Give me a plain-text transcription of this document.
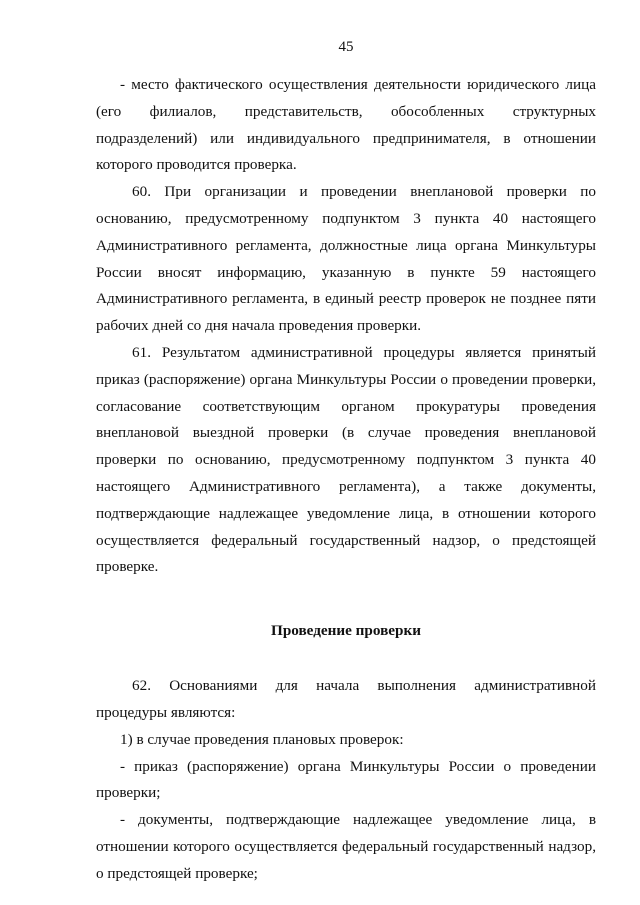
45

- место фактического осуществления деятельности юридического лица (его филиалов, представительств, обособленных структурных подразделений) или индивидуального предпринимателя, в отношении которого проводится проверка.

60. При организации и проведении внеплановой проверки по основанию, предусмотренному подпунктом 3 пункта 40 настоящего Административного регламента, должностные лица органа Минкультуры России вносят информацию, указанную в пункте 59 настоящего Административного регламента, в единый реестр проверок не позднее пяти рабочих дней со дня начала проведения проверки.

61. Результатом административной процедуры является принятый приказ (распоряжение) органа Минкультуры России о проведении проверки, согласование соответствующим органом прокуратуры проведения внеплановой выездной проверки (в случае проведения внеплановой проверки по основанию, предусмотренному подпунктом 3 пункта 40 настоящего Административного регламента), а также документы, подтверждающие надлежащее уведомление лица, в отношении которого осуществляется федеральный государственный надзор, о предстоящей проверке.

Проведение проверки

62. Основаниями для начала выполнения административной процедуры являются:

1) в случае проведения плановых проверок:

- приказ (распоряжение) органа Минкультуры России о проведении проверки;

- документы, подтверждающие надлежащее уведомление лица, в отношении которого осуществляется федеральный государственный надзор, о предстоящей проверке;
